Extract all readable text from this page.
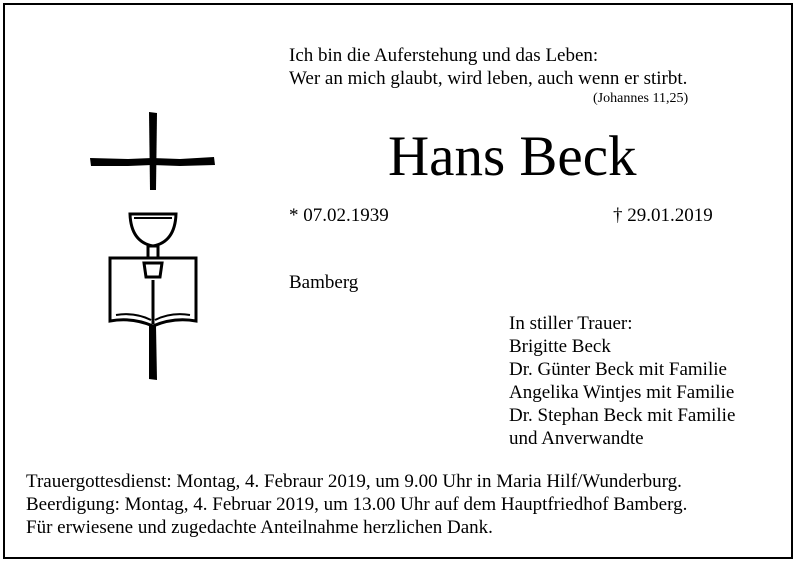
Ich bin die Auferstehung und das Leben:
Wer an mich glaubt, wird leben, auch wenn er stirbt.
(Johannes 11,25)
Hans Beck
* 07.02.1939	† 29.01.2019
Bamberg
In stiller Trauer:
Brigitte Beck
Dr. Günter Beck mit Familie
Angelika Wintjes mit Familie
Dr. Stephan Beck mit Familie
und Anverwandte
Trauergottesdienst: Montag, 4. Febraur 2019, um 9.00 Uhr in Maria Hilf/Wunderburg.
Beerdigung: Montag, 4. Februar 2019, um 13.00 Uhr auf dem Hauptfriedhof Bamberg.
Für erwiesene und zugedachte Anteilnahme herzlichen Dank.
